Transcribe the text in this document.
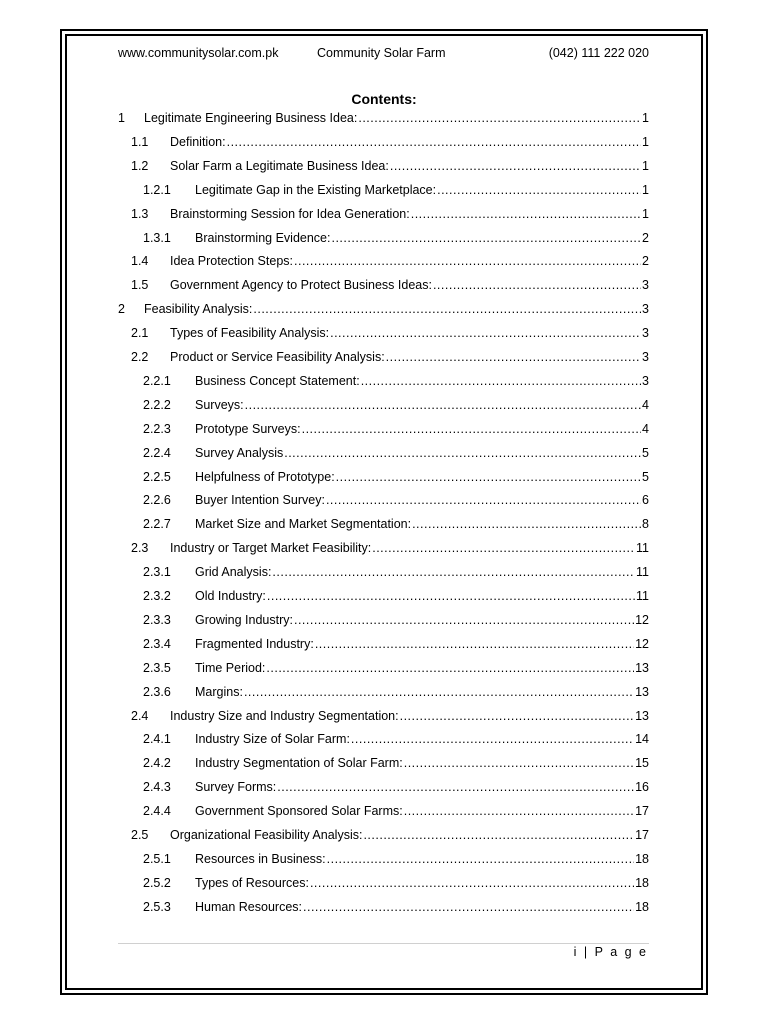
www.communitysolar.com.pk	Community Solar Farm	(042) 111 222 020
Contents:
1	Legitimate Engineering Business Idea: .....	1
1.1	Definition: .....	1
1.2	Solar Farm a Legitimate Business Idea: .....	1
1.2.1	Legitimate Gap in the Existing Marketplace: .....	1
1.3	Brainstorming Session for Idea Generation: .....	1
1.3.1	Brainstorming Evidence: .....	2
1.4	Idea Protection Steps: .....	2
1.5	Government Agency to Protect Business Ideas: .....	3
2	Feasibility Analysis: .....	3
2.1	Types of Feasibility Analysis: .....	3
2.2	Product or Service Feasibility Analysis: .....	3
2.2.1	Business Concept Statement: .....	3
2.2.2	Surveys: .....	4
2.2.3	Prototype Surveys: .....	4
2.2.4	Survey Analysis .....	5
2.2.5	Helpfulness of Prototype: .....	5
2.2.6	Buyer Intention Survey: .....	6
2.2.7	Market Size and Market Segmentation: .....	8
2.3	Industry or Target Market Feasibility: .....	11
2.3.1	Grid Analysis: .....	11
2.3.2	Old Industry: .....	11
2.3.3	Growing Industry: .....	12
2.3.4	Fragmented Industry: .....	12
2.3.5	Time Period: .....	13
2.3.6	Margins: .....	13
2.4	Industry Size and Industry Segmentation: .....	13
2.4.1	Industry Size of Solar Farm: .....	14
2.4.2	Industry Segmentation of Solar Farm: .....	15
2.4.3	Survey Forms: .....	16
2.4.4	Government Sponsored Solar Farms: .....	17
2.5	Organizational Feasibility Analysis: .....	17
2.5.1	Resources in Business: .....	18
2.5.2	Types of Resources: .....	18
2.5.3	Human Resources: .....	18
i | P a g e
